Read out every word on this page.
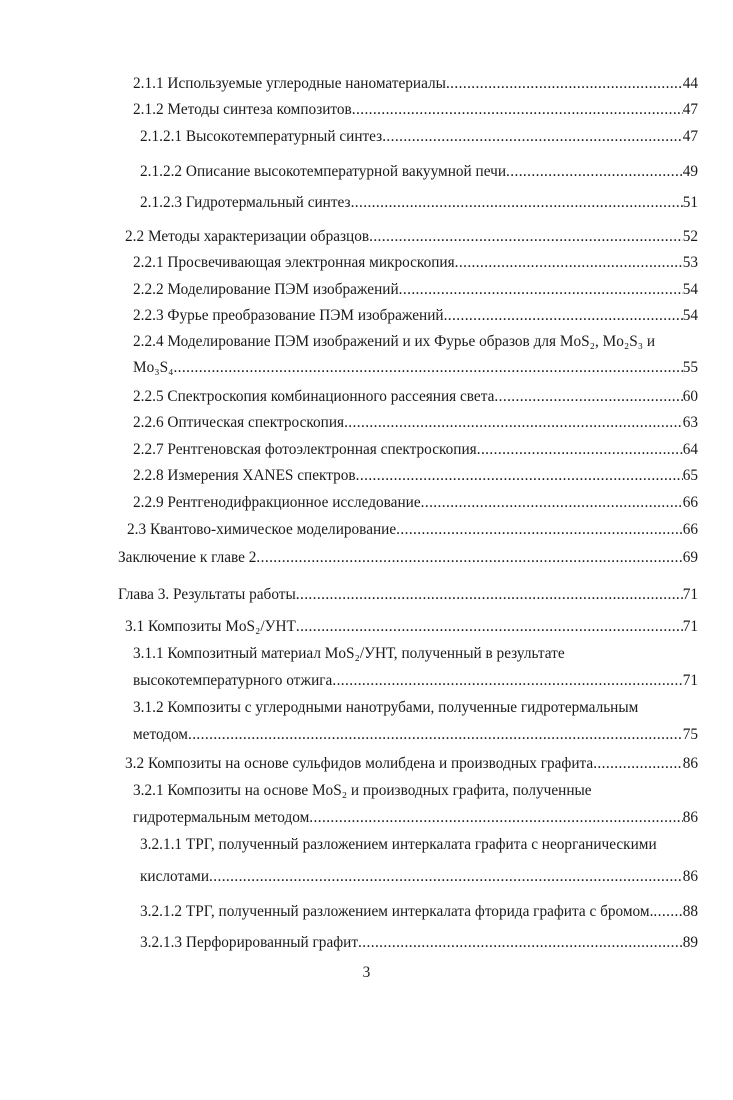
2.1.1 Используемые углеродные наноматериалы .....	44
2.1.2 Методы синтеза композитов .....	47
2.1.2.1 Высокотемпературный синтез .....	47
2.1.2.2 Описание высокотемпературной вакуумной печи .....	49
2.1.2.3 Гидротермальный синтез .....	51
2.2 Методы характеризации образцов .....	52
2.2.1 Просвечивающая электронная микроскопия .....	53
2.2.2 Моделирование ПЭМ изображений .....	54
2.2.3 Фурье преобразование ПЭМ изображений .....	54
2.2.4 Моделирование ПЭМ изображений и их Фурье образов для MoS₂, Mo₂S₃ и
Mo₃S₄ .....	55
2.2.5 Спектроскопия комбинационного рассеяния света .....	60
2.2.6 Оптическая спектроскопия .....	63
2.2.7 Рентгеновская фотоэлектронная спектроскопия .....	64
2.2.8 Измерения XANES спектров .....	65
2.2.9 Рентгенодифракционное исследование .....	66
2.3 Квантово-химическое моделирование .....	66
Заключение к главе 2 .....	69
Глава 3. Результаты работы .....	71
3.1 Композиты MoS₂/УНТ .....	71
3.1.1 Композитный материал MoS₂/УНТ, полученный в результате
высокотемпературного отжига .....	71
3.1.2 Композиты с углеродными нанотрубами, полученные гидротермальным
методом .....	75
3.2 Композиты на основе сульфидов молибдена и производных графита .....	86
3.2.1 Композиты на основе MoS₂ и производных графита, полученные
гидротермальным методом .....	86
3.2.1.1 ТРГ, полученный разложением интеркалата графита с неорганическими
кислотами .....	86
3.2.1.2 ТРГ, полученный разложением интеркалата фторида графита с бромом. ..... 88
3.2.1.3 Перфорированный графит .....	89
3
